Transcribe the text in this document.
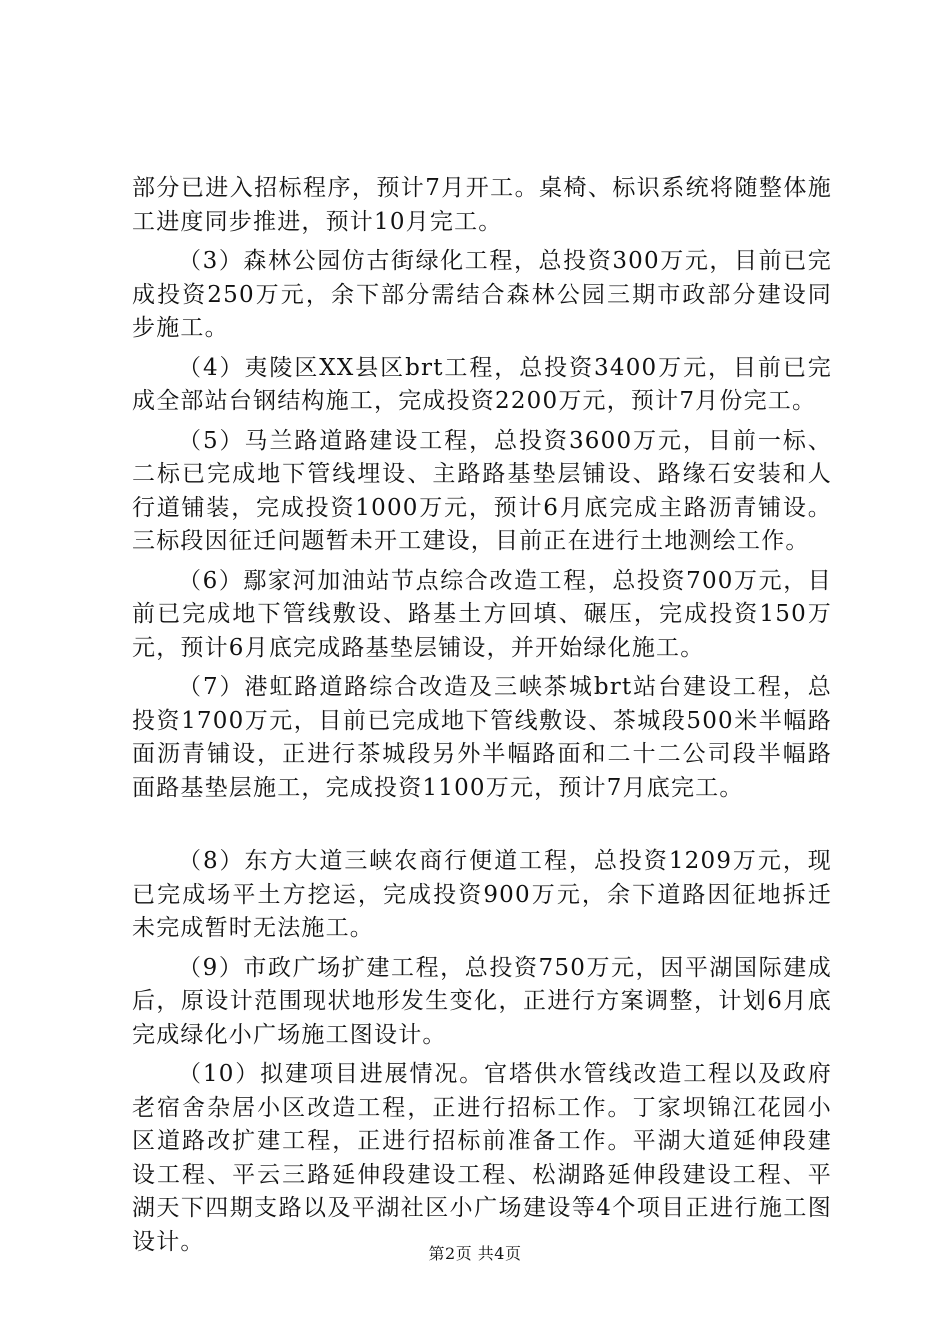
部分已进入招标程序，预计7月开工。桌椅、标识系统将随整体施工进度同步推进，预计10月完工。

（3）森林公园仿古街绿化工程，总投资300万元，目前已完成投资250万元，余下部分需结合森林公园三期市政部分建设同步施工。

（4）夷陵区XX县区brt工程，总投资3400万元，目前已完成全部站台钢结构施工，完成投资2200万元，预计7月份完工。

（5）马兰路道路建设工程，总投资3600万元，目前一标、二标已完成地下管线埋设、主路路基垫层铺设、路缘石安装和人行道铺装，完成投资1000万元，预计6月底完成主路沥青铺设。三标段因征迁问题暂未开工建设，目前正在进行土地测绘工作。

（6）鄢家河加油站节点综合改造工程，总投资700万元，目前已完成地下管线敷设、路基土方回填、碾压，完成投资150万元，预计6月底完成路基垫层铺设，并开始绿化施工。

（7）港虹路道路综合改造及三峡茶城brt站台建设工程，总投资1700万元，目前已完成地下管线敷设、茶城段500米半幅路面沥青铺设，正进行茶城段另外半幅路面和二十二公司段半幅路面路基垫层施工，完成投资1100万元，预计7月底完工。

（8）东方大道三峡农商行便道工程，总投资1209万元，现已完成场平土方挖运，完成投资900万元，余下道路因征地拆迁未完成暂时无法施工。

（9）市政广场扩建工程，总投资750万元，因平湖国际建成后，原设计范围现状地形发生变化，正进行方案调整，计划6月底完成绿化小广场施工图设计。

（10）拟建项目进展情况。官塔供水管线改造工程以及政府老宿舍杂居小区改造工程，正进行招标工作。丁家坝锦江花园小区道路改扩建工程，正进行招标前准备工作。平湖大道延伸段建设工程、平云三路延伸段建设工程、松湖路延伸段建设工程、平湖天下四期支路以及平湖社区小广场建设等4个项目正进行施工图设计。	第2页 共4页
